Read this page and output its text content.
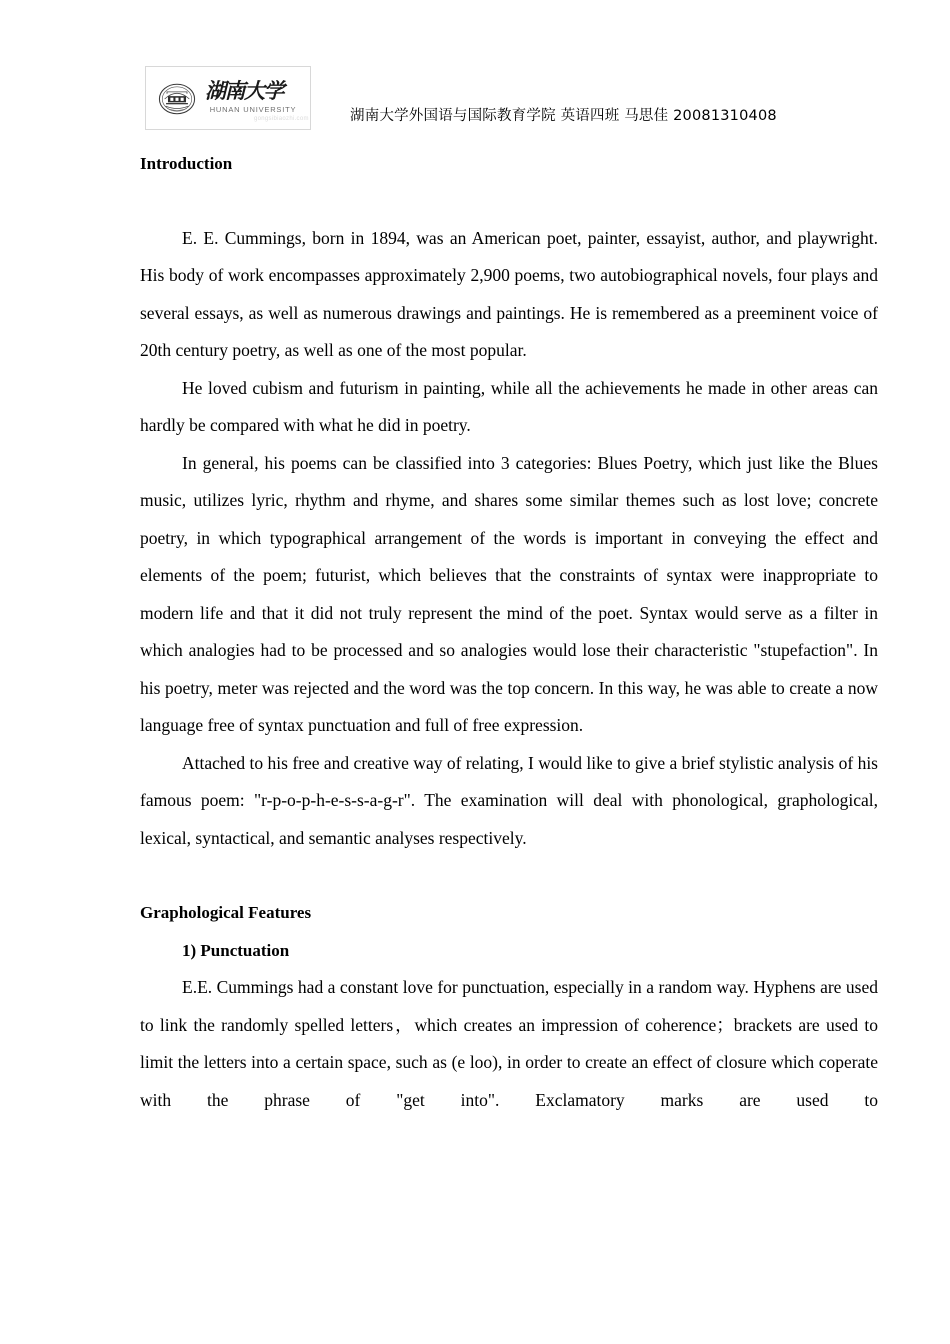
湖南大学
HUNAN UNIVERSITY
gongsibiaozhi.com	湖南大学外国语与国际教育学院 英语四班 马思佳 20081310408
Introduction

E. E. Cummings, born in 1894, was an American poet, painter, essayist, author, and playwright. His body of work encompasses approximately 2,900 poems, two autobiographical novels, four plays and several essays, as well as numerous drawings and paintings. He is remembered as a preeminent voice of 20th century poetry, as well as one of the most popular.

He loved cubism and futurism in painting, while all the achievements he made in other areas can hardly be compared with what he did in poetry.

In general, his poems can be classified into 3 categories: Blues Poetry, which just like the Blues music, utilizes lyric, rhythm and rhyme, and shares some similar themes such as lost love; concrete poetry, in which typographical arrangement of the words is important in conveying the effect and elements of the poem; futurist, which believes that the constraints of syntax were inappropriate to modern life and that it did not truly represent the mind of the poet. Syntax would serve as a filter in which analogies had to be processed and so analogies would lose their characteristic "stupefaction". In his poetry, meter was rejected and the word was the top concern. In this way, he was able to create a now language free of syntax punctuation and full of free expression.

Attached to his free and creative way of relating, I would like to give a brief stylistic analysis of his famous poem: "r-p-o-p-h-e-s-s-a-g-r". The examination will deal with phonological, graphological, lexical, syntactical, and semantic analyses respectively.

Graphological Features
1) Punctuation

E.E. Cummings had a constant love for punctuation, especially in a random way. Hyphens are used to link the randomly spelled letters，which creates an impression of coherence；brackets are used to limit the letters into a certain space, such as (e loo), in order to create an effect of closure which coperate with the phrase of "get into". Exclamatory marks are used to
